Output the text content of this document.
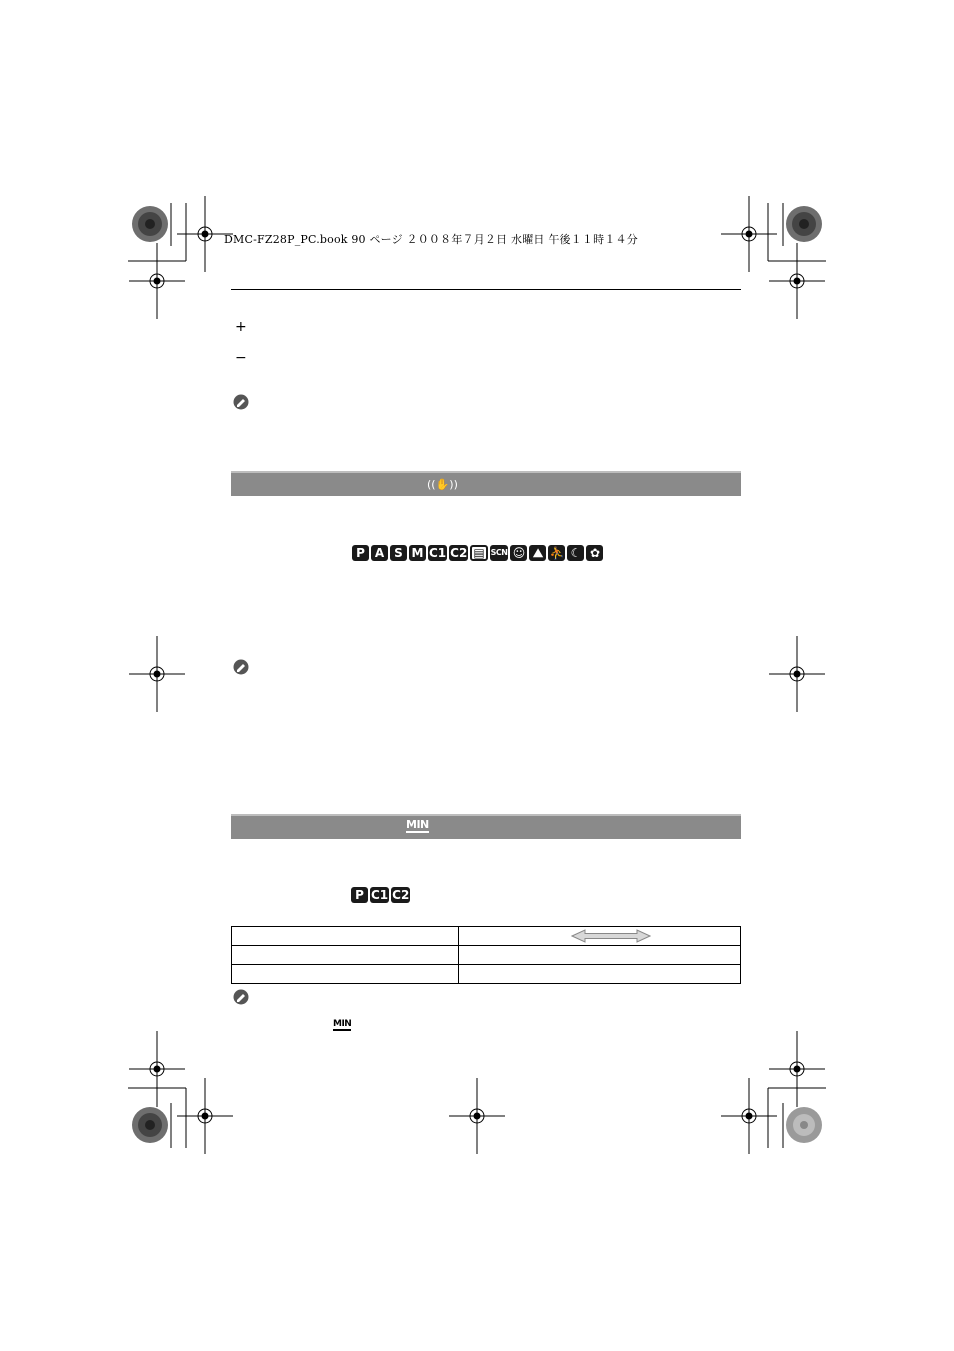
DMC-FZ28P_PC.book 90 ページ ２００８年７月２日 水曜日 午後１１時１４分
+
−
((✋))
P A S M C1 C2 ▤ SCN ☺ ⛰ ⛹ ☾ ✿
MIN
P C1 C2

MIN
